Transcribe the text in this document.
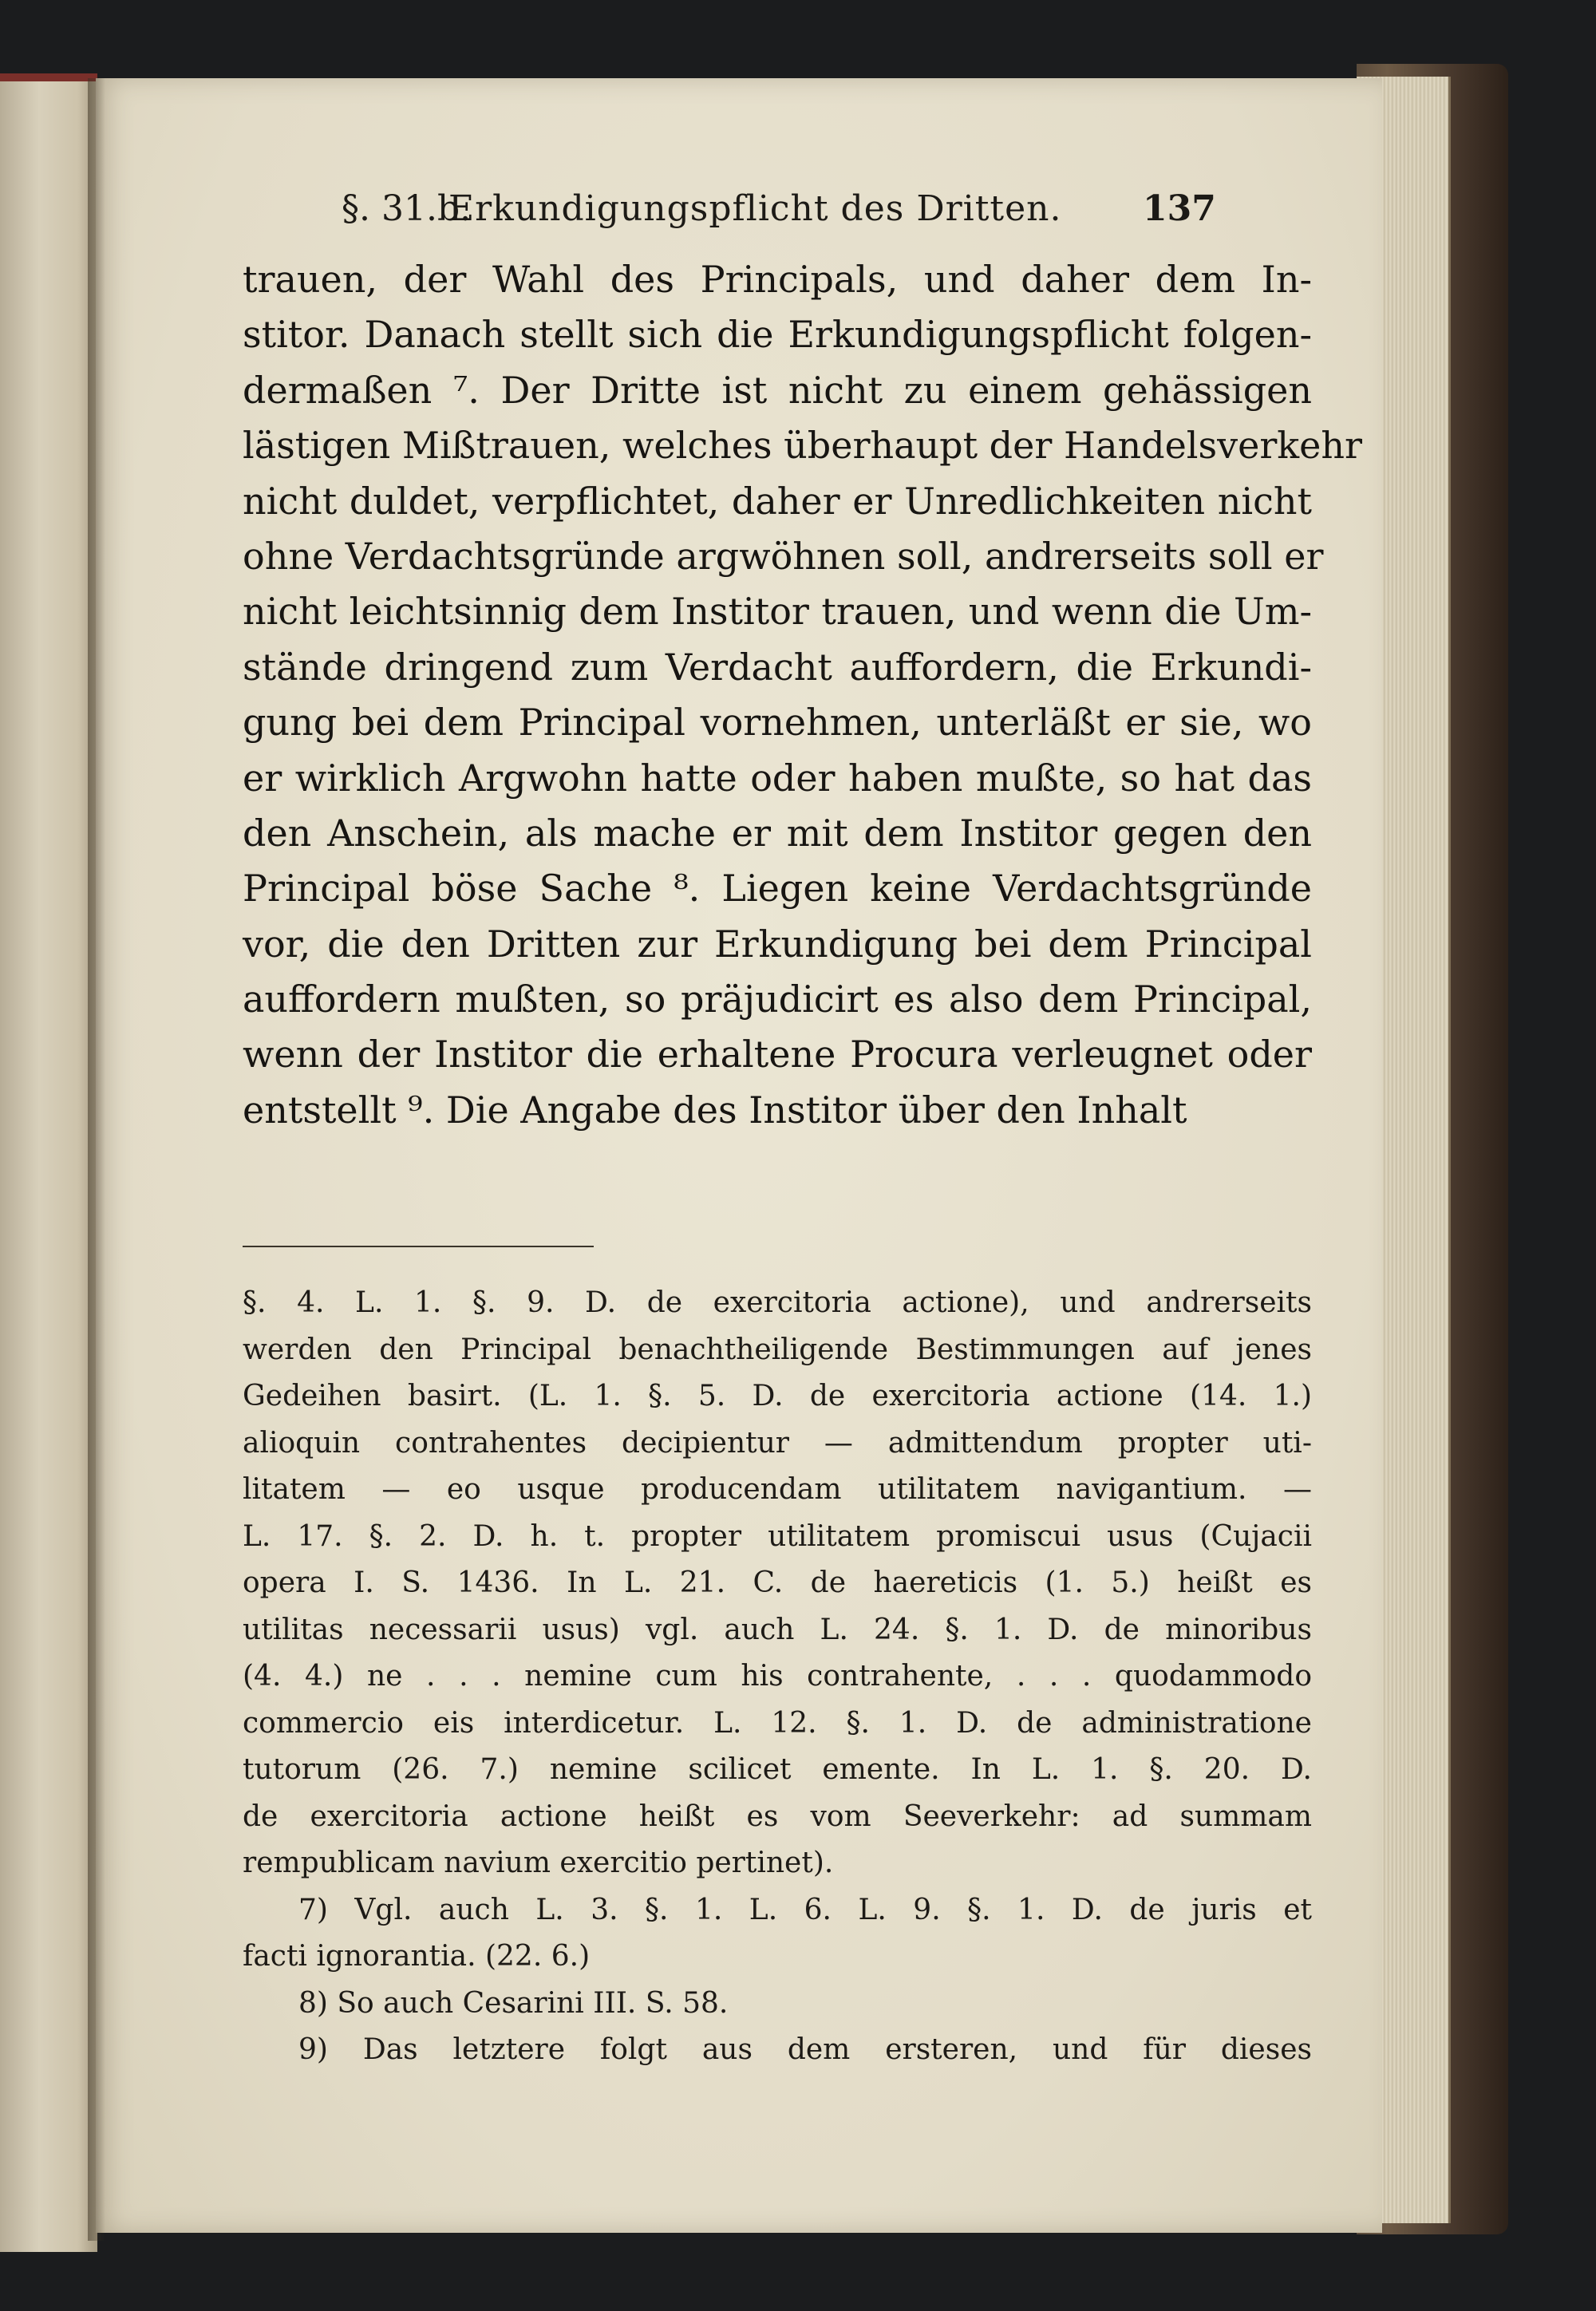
§. 31.b.
Erkundigungspflicht des Dritten. 137
trauen, der Wahl des Principals, und daher dem In-
stitor. Danach stellt sich die Erkundigungspflicht folgen-
dermaßen ⁷. Der Dritte ist nicht zu einem gehässigen
lästigen Mißtrauen, welches überhaupt der Handelsverkehr
nicht duldet, verpflichtet, daher er Unredlichkeiten nicht
ohne Verdachtsgründe argwöhnen soll, andrerseits soll er
nicht leichtsinnig dem Institor trauen, und wenn die Um-
stände dringend zum Verdacht auffordern, die Erkundi-
gung bei dem Principal vornehmen, unterläßt er sie, wo
er wirklich Argwohn hatte oder haben mußte, so hat das
den Anschein, als mache er mit dem Institor gegen den
Principal böse Sache ⁸. Liegen keine Verdachtsgründe
vor, die den Dritten zur Erkundigung bei dem Principal
auffordern mußten, so präjudicirt es also dem Principal,
wenn der Institor die erhaltene Procura verleugnet oder
entstellt ⁹. Die Angabe des Institor über den Inhalt
§. 4. L. 1. §. 9. D. de exercitoria actione), und andrerseits
werden den Principal benachtheiligende Bestimmungen auf jenes
Gedeihen basirt. (L. 1. §. 5. D. de exercitoria actione (14. 1.)
alioquin contrahentes decipientur — admittendum propter uti-
litatem — eo usque producendam utilitatem navigantium. —
L. 17. §. 2. D. h. t. propter utilitatem promiscui usus (Cujacii
opera I. S. 1436. In L. 21. C. de haereticis (1. 5.) heißt es
utilitas necessarii usus) vgl. auch L. 24. §. 1. D. de minoribus
(4. 4.) ne . . . nemine cum his contrahente, . . . quodammodo
commercio eis interdicetur. L. 12. §. 1. D. de administratione
tutorum (26. 7.) nemine scilicet emente. In L. 1. §. 20. D.
de exercitoria actione heißt es vom Seeverkehr: ad summam
rempublicam navium exercitio pertinet).
7) Vgl. auch L. 3. §. 1. L. 6. L. 9. §. 1. D. de juris et
facti ignorantia. (22. 6.)
8) So auch Cesarini III. S. 58.
9) Das letztere folgt aus dem ersteren, und für dieses
